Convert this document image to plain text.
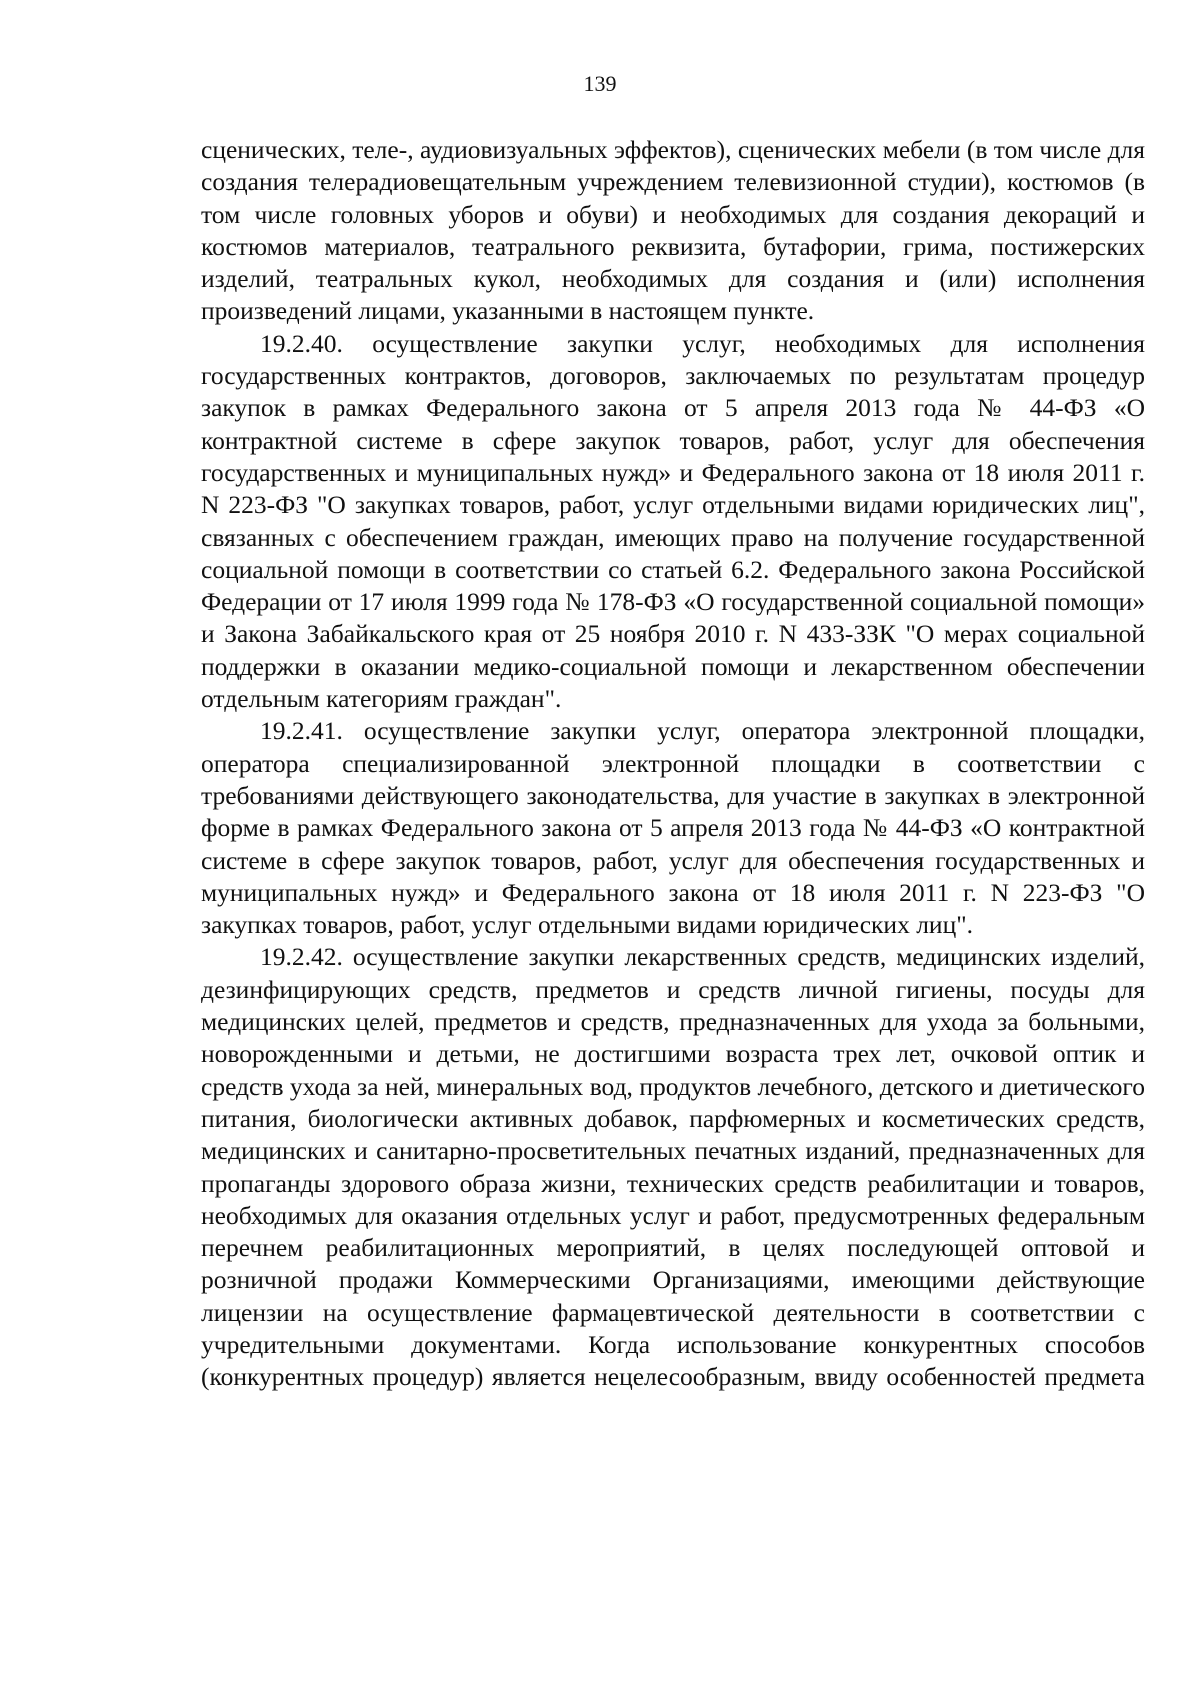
139

сценических, теле-, аудиовизуальных эффектов), сценических мебели (в том числе для создания телерадиовещательным учреждением телевизионной студии), костюмов (в том числе головных уборов и обуви) и необходимых для создания декораций и костюмов материалов, театрального реквизита, бутафории, грима, постижерских изделий, театральных кукол, необходимых для создания и (или) исполнения произведений лицами, указанными в настоящем пункте.

19.2.40. осуществление закупки услуг, необходимых для исполнения государственных контрактов, договоров, заключаемых по результатам процедур закупок в рамках Федерального закона от 5 апреля 2013 года № 44-ФЗ «О контрактной системе в сфере закупок товаров, работ, услуг для обеспечения государственных и муниципальных нужд» и Федерального закона от 18 июля 2011 г. N 223-ФЗ "О закупках товаров, работ, услуг отдельными видами юридических лиц", связанных с обеспечением граждан, имеющих право на получение государственной социальной помощи в соответствии со статьей 6.2. Федерального закона Российской Федерации от 17 июля 1999 года № 178-ФЗ «О государственной социальной помощи» и Закона Забайкальского края от 25 ноября 2010 г. N 433-ЗЗК "О мерах социальной поддержки в оказании медико-социальной помощи и лекарственном обеспечении отдельным категориям граждан".

19.2.41. осуществление закупки услуг, оператора электронной площадки, оператора специализированной электронной площадки в соответствии с требованиями действующего законодательства, для участие в закупках в электронной форме в рамках Федерального закона от 5 апреля 2013 года № 44-ФЗ «О контрактной системе в сфере закупок товаров, работ, услуг для обеспечения государственных и муниципальных нужд» и Федерального закона от 18 июля 2011 г. N 223-ФЗ "О закупках товаров, работ, услуг отдельными видами юридических лиц".

19.2.42. осуществление закупки лекарственных средств, медицинских изделий, дезинфицирующих средств, предметов и средств личной гигиены, посуды для медицинских целей, предметов и средств, предназначенных для ухода за больными, новорожденными и детьми, не достигшими возраста трех лет, очковой оптик и средств ухода за ней, минеральных вод, продуктов лечебного, детского и диетического питания, биологически активных добавок, парфюмерных и косметических средств, медицинских и санитарно-просветительных печатных изданий, предназначенных для пропаганды здорового образа жизни, технических средств реабилитации и товаров, необходимых для оказания отдельных услуг и работ, предусмотренных федеральным перечнем реабилитационных мероприятий, в целях последующей оптовой и розничной продажи Коммерческими Организациями, имеющими действующие лицензии на осуществление фармацевтической деятельности в соответствии с учредительными документами. Когда использование конкурентных способов (конкурентных процедур) является нецелесообразным, ввиду особенностей предмета
